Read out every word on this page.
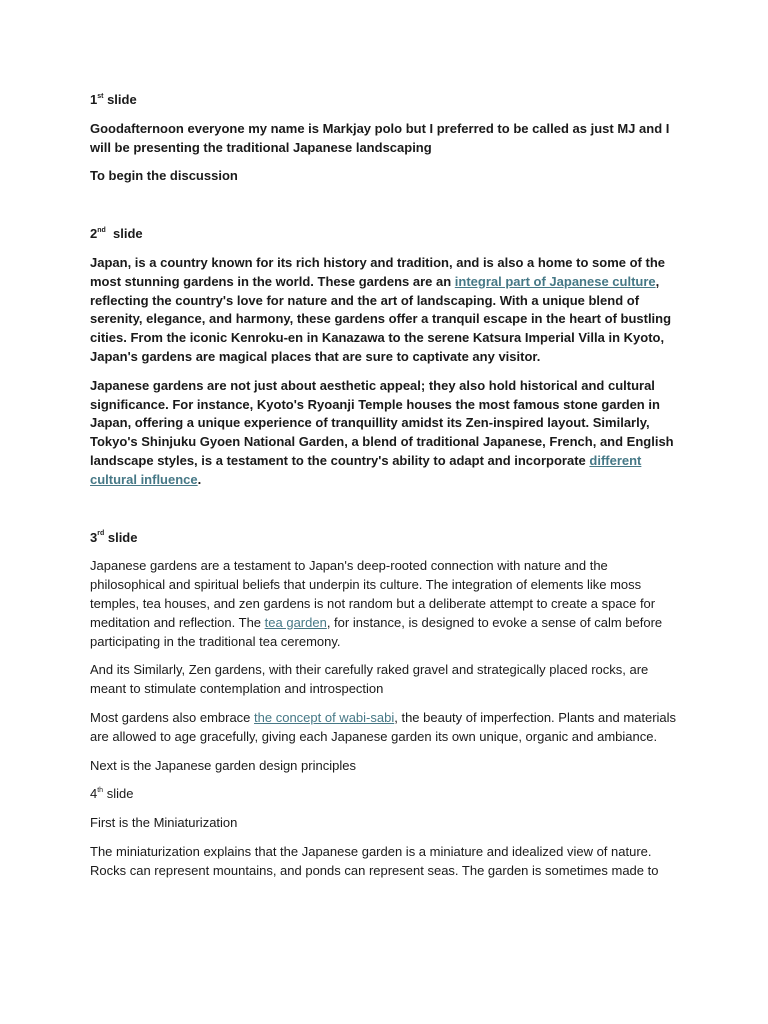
1st slide

Goodafternoon everyone my name is Markjay polo but I preferred to be called as just MJ and I will be presenting the traditional Japanese landscaping

To begin the discussion

2nd  slide

Japan, is a country known for its rich history and tradition, and is also a home to some of the most stunning gardens in the world. These gardens are an integral part of Japanese culture, reflecting the country's love for nature and the art of landscaping. With a unique blend of serenity, elegance, and harmony, these gardens offer a tranquil escape in the heart of bustling cities. From the iconic Kenroku-en in Kanazawa to the serene Katsura Imperial Villa in Kyoto, Japan's gardens are magical places that are sure to captivate any visitor.

Japanese gardens are not just about aesthetic appeal; they also hold historical and cultural significance. For instance, Kyoto's Ryoanji Temple houses the most famous stone garden in Japan, offering a unique experience of tranquillity amidst its Zen-inspired layout. Similarly, Tokyo's Shinjuku Gyoen National Garden, a blend of traditional Japanese, French, and English landscape styles, is a testament to the country's ability to adapt and incorporate different cultural influence.

3rd slide

Japanese gardens are a testament to Japan's deep-rooted connection with nature and the philosophical and spiritual beliefs that underpin its culture. The integration of elements like moss temples, tea houses, and zen gardens is not random but a deliberate attempt to create a space for meditation and reflection. The tea garden, for instance, is designed to evoke a sense of calm before participating in the traditional tea ceremony.

And its Similarly, Zen gardens, with their carefully raked gravel and strategically placed rocks, are meant to stimulate contemplation and introspection

Most gardens also embrace the concept of wabi-sabi, the beauty of imperfection. Plants and materials are allowed to age gracefully, giving each Japanese garden its own unique, organic and ambiance.

Next is the Japanese garden design principles

4th slide

First is the Miniaturization

The miniaturization explains that the Japanese garden is a miniature and idealized view of nature. Rocks can represent mountains, and ponds can represent seas. The garden is sometimes made to
